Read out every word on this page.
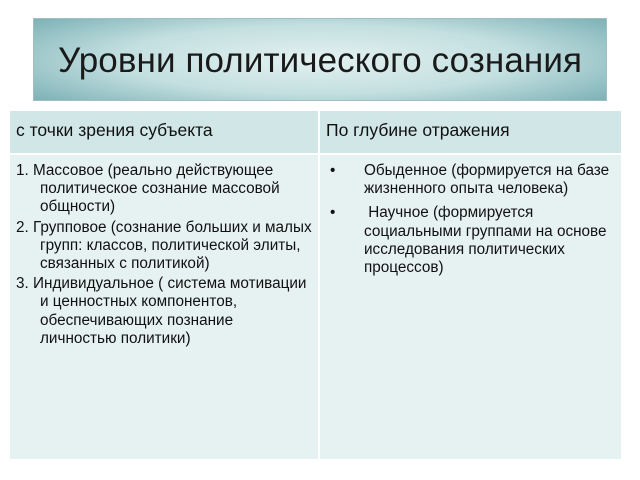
Уровни политического сознания
с точки зрения субъекта
1. Массовое (реально действующее политическое сознание массовой общности)
2. Групповое (сознание больших и малых групп: классов, политической элиты, связанных с политикой)
3. Индивидуальное ( система мотивации и ценностных компонентов, обеспечивающих познание личностью политики)
По глубине отражения
• Обыденное (формируется на базе жизненного опыта человека)
• Научное (формируется социальными группами на основе исследования политических процессов)
